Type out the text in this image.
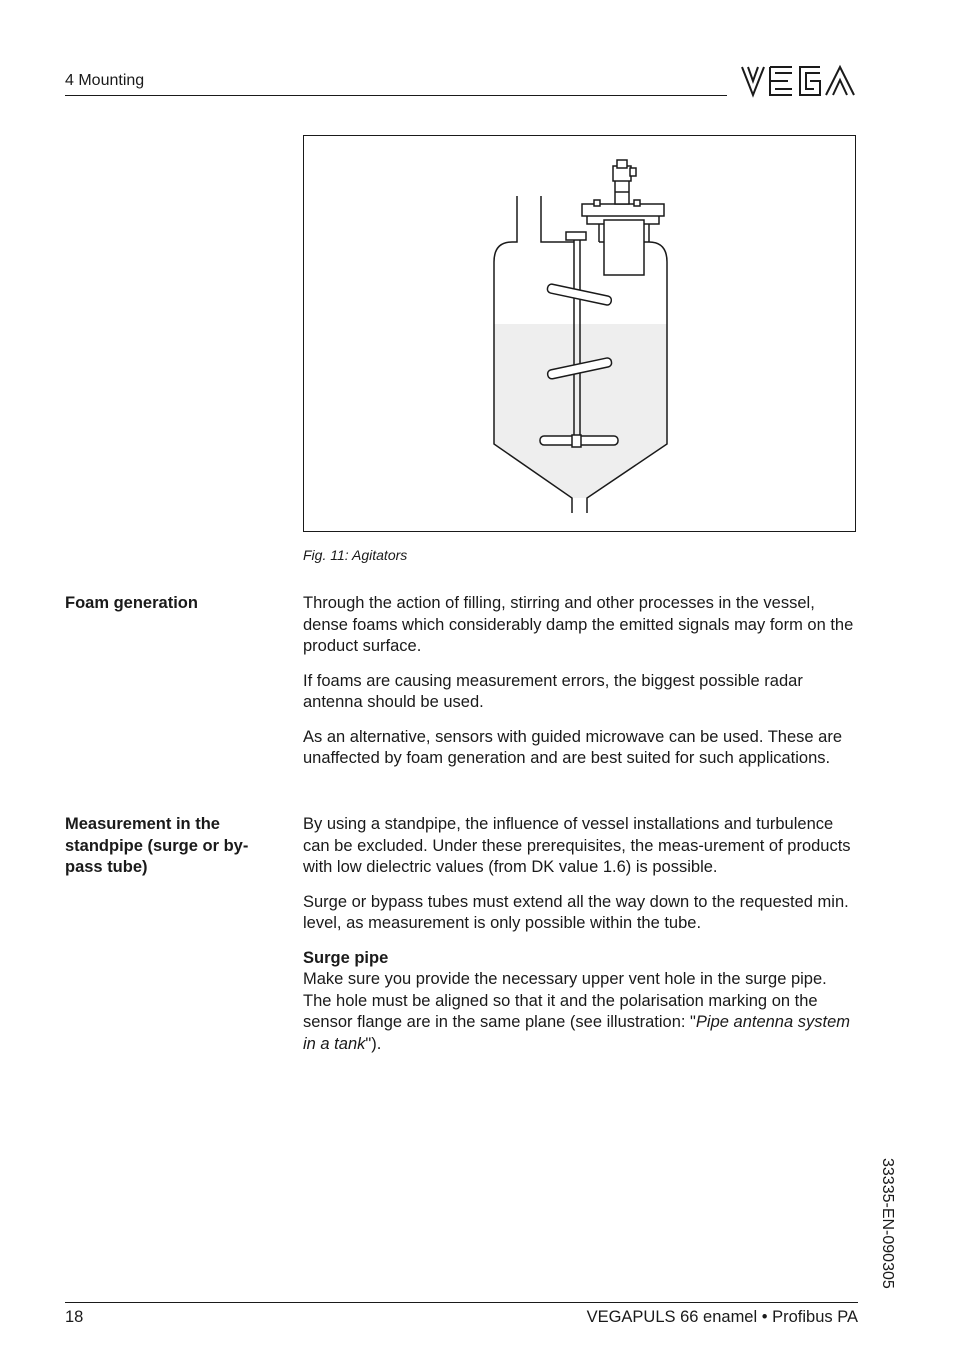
4 Mounting
Fig. 11: Agitators
Foam generation	Through the action of filling, stirring and other processes in the vessel, dense foams which considerably damp the emitted signals may form on the product surface.

If foams are causing measurement errors, the biggest possible radar antenna should be used.

As an alternative, sensors with guided microwave can be used. These are unaffected by foam generation and are best suited for such applications.

Measurement in the standpipe (surge or by-pass tube)

By using a standpipe, the influence of vessel installations and turbulence can be excluded. Under these prerequisites, the meas-urement of products with low dielectric values (from DK value 1.6) is possible.

Surge or bypass tubes must extend all the way down to the requested min. level, as measurement is only possible within the tube.

Surge pipe

Make sure you provide the necessary upper vent hole in the surge pipe. The hole must be aligned so that it and the polarisation marking on the sensor flange are in the same plane (see illustration: "Pipe antenna system in a tank").

33335-EN-090305
18	VEGAPULS 66 enamel • Profibus PA
